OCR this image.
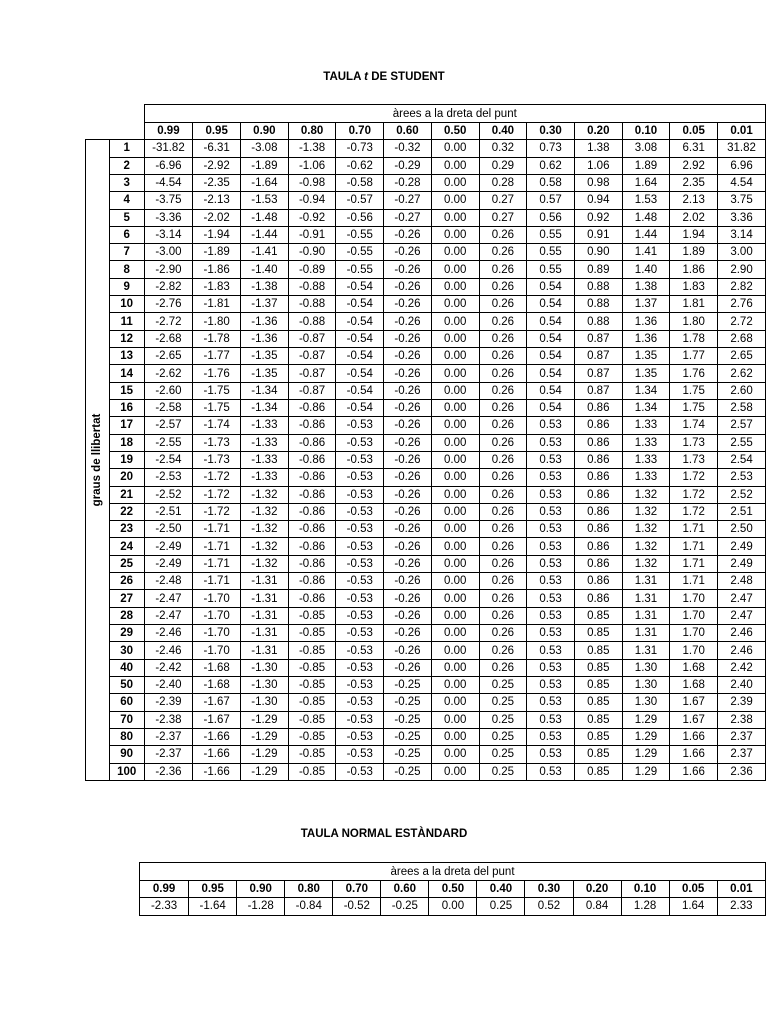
TAULA t DE STUDENT
		àrees a la dreta del punt												
		0.99	0.95	0.90	0.80	0.70	0.60	0.50	0.40	0.30	0.20	0.10	0.05	0.01

graus de llibertat	1	-31.82	-6.31	-3.08	-1.38	-0.73	-0.32	0.00	0.32	0.73	1.38	3.08	6.31	31.82
	2	-6.96	-2.92	-1.89	-1.06	-0.62	-0.29	0.00	0.29	0.62	1.06	1.89	2.92	6.96
	3	-4.54	-2.35	-1.64	-0.98	-0.58	-0.28	0.00	0.28	0.58	0.98	1.64	2.35	4.54
	4	-3.75	-2.13	-1.53	-0.94	-0.57	-0.27	0.00	0.27	0.57	0.94	1.53	2.13	3.75
	5	-3.36	-2.02	-1.48	-0.92	-0.56	-0.27	0.00	0.27	0.56	0.92	1.48	2.02	3.36
	6	-3.14	-1.94	-1.44	-0.91	-0.55	-0.26	0.00	0.26	0.55	0.91	1.44	1.94	3.14
	7	-3.00	-1.89	-1.41	-0.90	-0.55	-0.26	0.00	0.26	0.55	0.90	1.41	1.89	3.00
	8	-2.90	-1.86	-1.40	-0.89	-0.55	-0.26	0.00	0.26	0.55	0.89	1.40	1.86	2.90
	9	-2.82	-1.83	-1.38	-0.88	-0.54	-0.26	0.00	0.26	0.54	0.88	1.38	1.83	2.82
	10	-2.76	-1.81	-1.37	-0.88	-0.54	-0.26	0.00	0.26	0.54	0.88	1.37	1.81	2.76
	11	-2.72	-1.80	-1.36	-0.88	-0.54	-0.26	0.00	0.26	0.54	0.88	1.36	1.80	2.72
	12	-2.68	-1.78	-1.36	-0.87	-0.54	-0.26	0.00	0.26	0.54	0.87	1.36	1.78	2.68
	13	-2.65	-1.77	-1.35	-0.87	-0.54	-0.26	0.00	0.26	0.54	0.87	1.35	1.77	2.65
	14	-2.62	-1.76	-1.35	-0.87	-0.54	-0.26	0.00	0.26	0.54	0.87	1.35	1.76	2.62
	15	-2.60	-1.75	-1.34	-0.87	-0.54	-0.26	0.00	0.26	0.54	0.87	1.34	1.75	2.60
	16	-2.58	-1.75	-1.34	-0.86	-0.54	-0.26	0.00	0.26	0.54	0.86	1.34	1.75	2.58
	17	-2.57	-1.74	-1.33	-0.86	-0.53	-0.26	0.00	0.26	0.53	0.86	1.33	1.74	2.57
	18	-2.55	-1.73	-1.33	-0.86	-0.53	-0.26	0.00	0.26	0.53	0.86	1.33	1.73	2.55
	19	-2.54	-1.73	-1.33	-0.86	-0.53	-0.26	0.00	0.26	0.53	0.86	1.33	1.73	2.54
	20	-2.53	-1.72	-1.33	-0.86	-0.53	-0.26	0.00	0.26	0.53	0.86	1.33	1.72	2.53
	21	-2.52	-1.72	-1.32	-0.86	-0.53	-0.26	0.00	0.26	0.53	0.86	1.32	1.72	2.52
	22	-2.51	-1.72	-1.32	-0.86	-0.53	-0.26	0.00	0.26	0.53	0.86	1.32	1.72	2.51
	23	-2.50	-1.71	-1.32	-0.86	-0.53	-0.26	0.00	0.26	0.53	0.86	1.32	1.71	2.50
	24	-2.49	-1.71	-1.32	-0.86	-0.53	-0.26	0.00	0.26	0.53	0.86	1.32	1.71	2.49
	25	-2.49	-1.71	-1.32	-0.86	-0.53	-0.26	0.00	0.26	0.53	0.86	1.32	1.71	2.49
	26	-2.48	-1.71	-1.31	-0.86	-0.53	-0.26	0.00	0.26	0.53	0.86	1.31	1.71	2.48
	27	-2.47	-1.70	-1.31	-0.86	-0.53	-0.26	0.00	0.26	0.53	0.86	1.31	1.70	2.47
	28	-2.47	-1.70	-1.31	-0.85	-0.53	-0.26	0.00	0.26	0.53	0.85	1.31	1.70	2.47
	29	-2.46	-1.70	-1.31	-0.85	-0.53	-0.26	0.00	0.26	0.53	0.85	1.31	1.70	2.46
	30	-2.46	-1.70	-1.31	-0.85	-0.53	-0.26	0.00	0.26	0.53	0.85	1.31	1.70	2.46
	40	-2.42	-1.68	-1.30	-0.85	-0.53	-0.26	0.00	0.26	0.53	0.85	1.30	1.68	2.42
	50	-2.40	-1.68	-1.30	-0.85	-0.53	-0.25	0.00	0.25	0.53	0.85	1.30	1.68	2.40
	60	-2.39	-1.67	-1.30	-0.85	-0.53	-0.25	0.00	0.25	0.53	0.85	1.30	1.67	2.39
	70	-2.38	-1.67	-1.29	-0.85	-0.53	-0.25	0.00	0.25	0.53	0.85	1.29	1.67	2.38
	80	-2.37	-1.66	-1.29	-0.85	-0.53	-0.25	0.00	0.25	0.53	0.85	1.29	1.66	2.37
	90	-2.37	-1.66	-1.29	-0.85	-0.53	-0.25	0.00	0.25	0.53	0.85	1.29	1.66	2.37
	100	-2.36	-1.66	-1.29	-0.85	-0.53	-0.25	0.00	0.25	0.53	0.85	1.29	1.66	2.36
TAULA NORMAL ESTÀNDARD
àrees a la dreta del punt												
0.99	0.95	0.90	0.80	0.70	0.60	0.50	0.40	0.30	0.20	0.10	0.05	0.01
-2.33	-1.64	-1.28	-0.84	-0.52	-0.25	0.00	0.25	0.52	0.84	1.28	1.64	2.33
